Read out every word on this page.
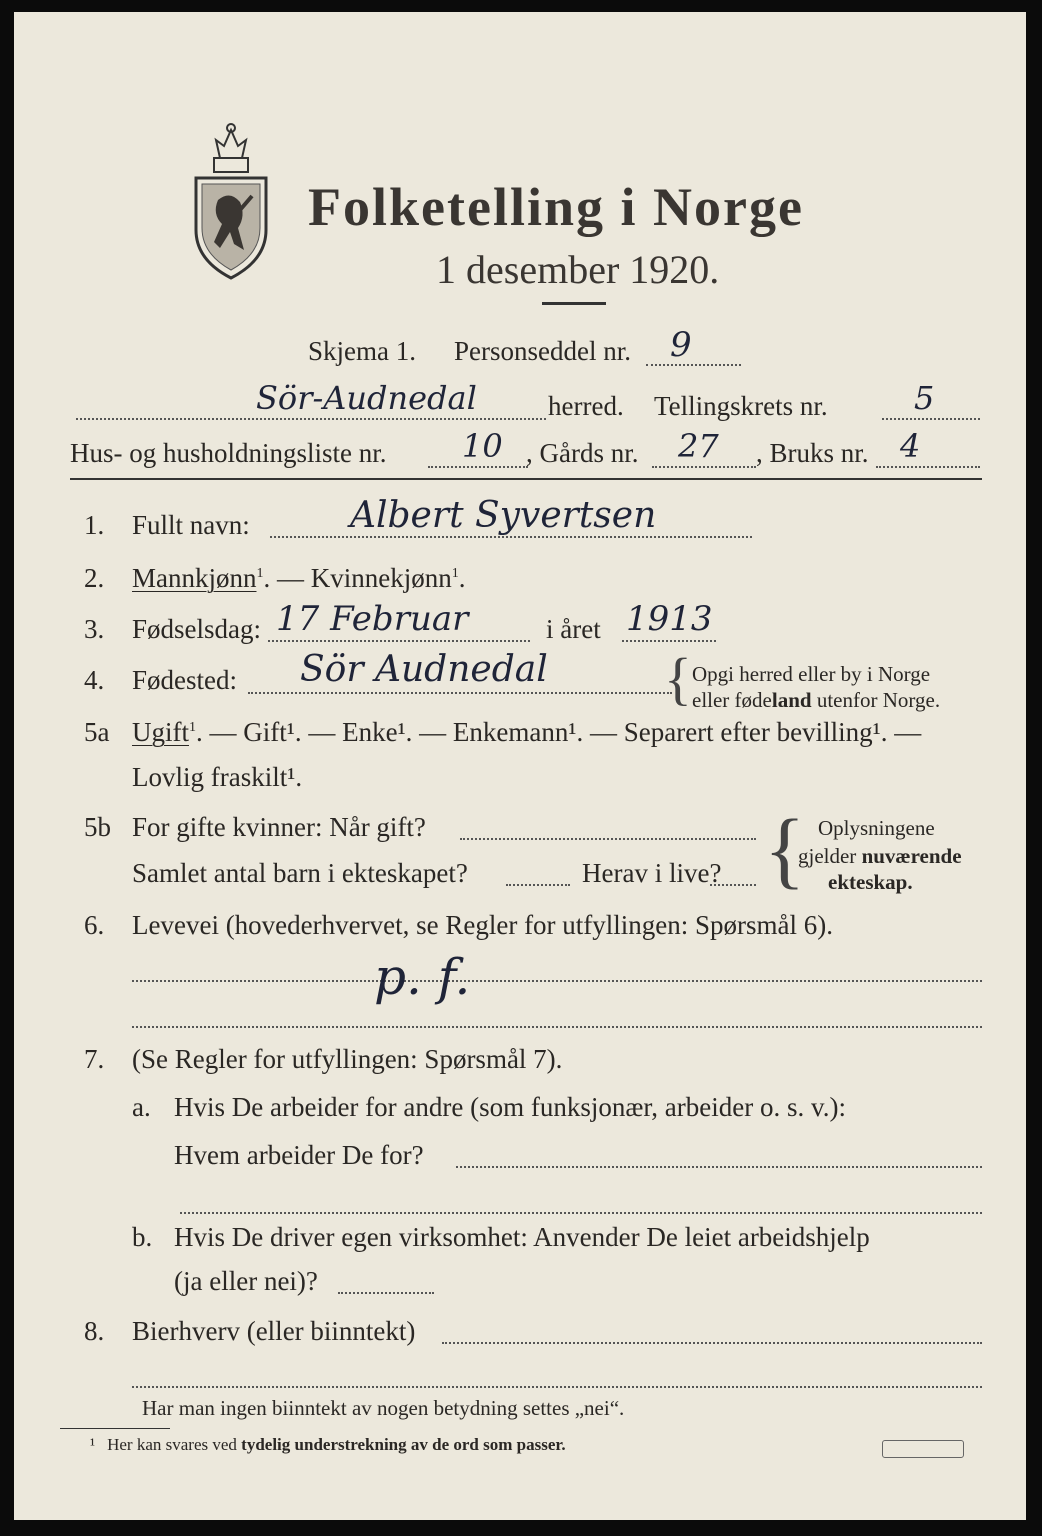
Folketelling i Norge
1 desember 1920.
Skjema 1. Personseddel nr. 9
Sör-Audnedal	herred. Tellingskrets nr.	5
Hus- og husholdningsliste nr. 10 , Gårds nr. 27 , Bruks nr. 4
1. Fullt navn:	Albert Syvertsen
2. Mannkjønn$^1$. — Kvinnekjønn$^1$.
3. Fødselsdag: 17 Februar	i året 1913
4. Fødested: Sör Audnedal { Opgi herred eller by i Norge
eller fødeland utenfor Norge.
5a Ugift$^1$. — Gift¹. — Enke¹. — Enkemann¹. — Separert efter bevilling¹. —
Lovlig fraskilt¹.
5b For gifte kvinner: Når gift?
Samlet antal barn i ekteskapet?	Herav i live? { Oplysningene
gjelder nuværende
ekteskap.
6. Levevei (hovederhvervet, se Regler for utfyllingen: Spørsmål 6).
p. f.
7. (Se Regler for utfyllingen: Spørsmål 7).
a. Hvis De arbeider for andre (som funksjonær, arbeider o. s. v.):
Hvem arbeider De for?
b. Hvis De driver egen virksomhet: Anvender De leiet arbeidshjelp
(ja eller nei)?
8. Bierhverv (eller biinntekt)
Har man ingen biinntekt av nogen betydning settes „nei“.
¹ Her kan svares ved tydelig understrekning av de ord som passer.
